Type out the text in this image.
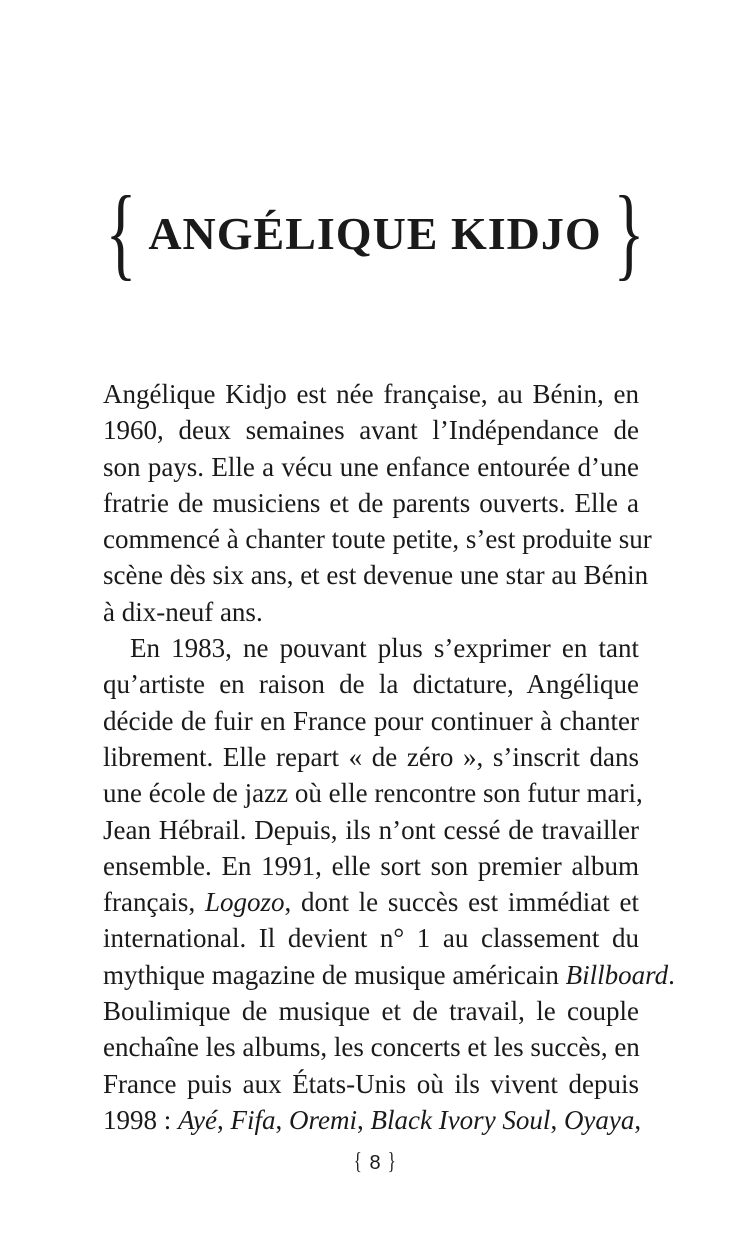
{ ANGÉLIQUE KIDJO }
Angélique Kidjo est née française, au Bénin, en
1960, deux semaines avant l’Indépendance de
son pays. Elle a vécu une enfance entourée d’une
fratrie de musiciens et de parents ouverts. Elle a
commencé à chanter toute petite, s’est produite sur
scène dès six ans, et est devenue une star au Bénin
à dix-neuf ans.
En 1983, ne pouvant plus s’exprimer en tant
qu’artiste en raison de la dictature, Angélique
décide de fuir en France pour continuer à chanter
librement. Elle repart « de zéro », s’inscrit dans
une école de jazz où elle rencontre son futur mari,
Jean Hébrail. Depuis, ils n’ont cessé de travailler
ensemble. En 1991, elle sort son premier album
français, Logozo, dont le succès est immédiat et
international. Il devient n° 1 au classement du
mythique magazine de musique américain Billboard.
Boulimique de musique et de travail, le couple
enchaîne les albums, les concerts et les succès, en
France puis aux États-Unis où ils vivent depuis
1998 : Ayé, Fifa, Oremi, Black Ivory Soul, Oyaya,
{ 8 }
